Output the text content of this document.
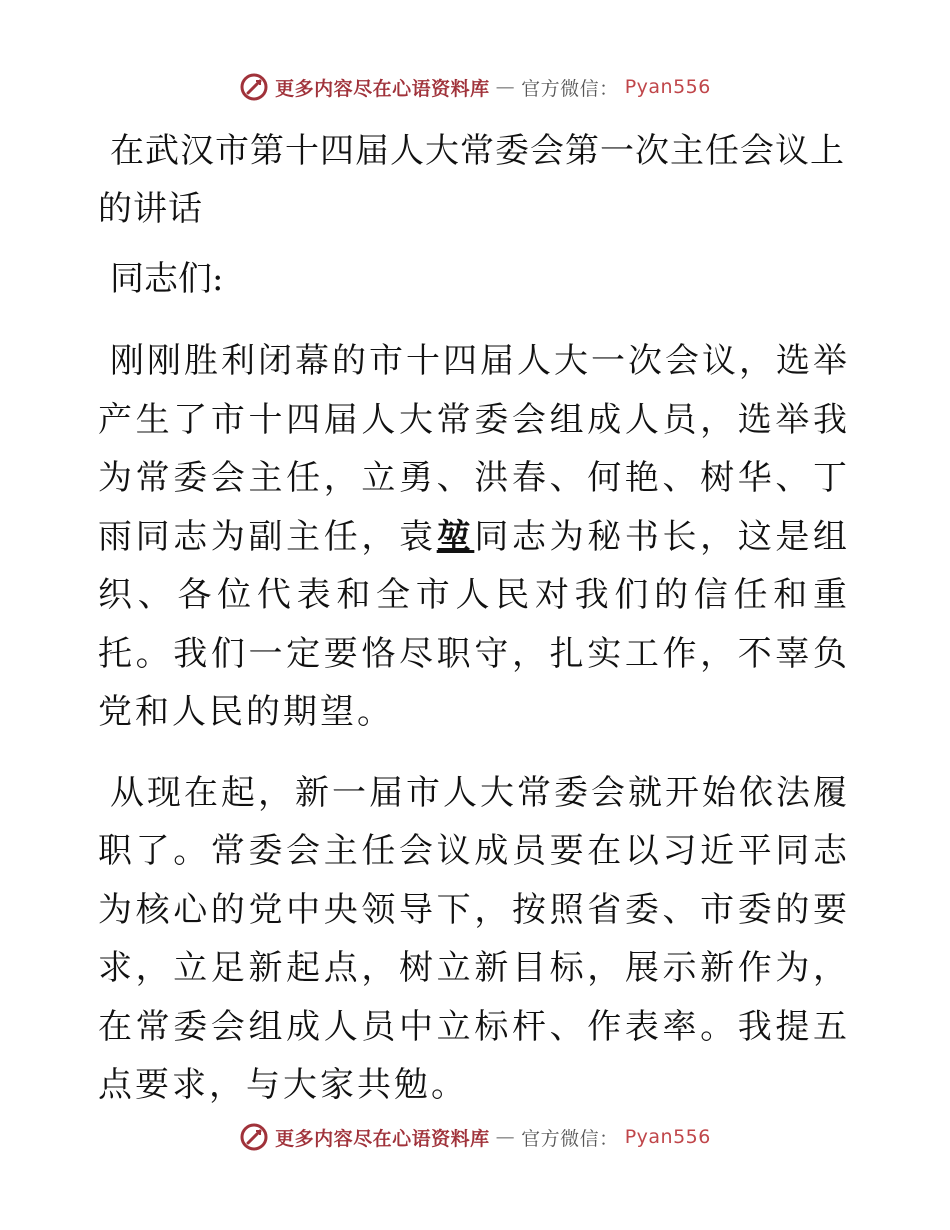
更多内容尽在心语资料库 — 官方微信： Pyan556
在武汉市第十四届人大常委会第一次主任会议上的讲话

同志们:

刚刚胜利闭幕的市十四届人大一次会议，选举产生了市十四届人大常委会组成人员，选举我为常委会主任，立勇、洪春、何艳、树华、丁雨同志为副主任，袁堃同志为秘书长，这是组织、各位代表和全市人民对我们的信任和重托。我们一定要恪尽职守，扎实工作，不辜负党和人民的期望。

从现在起，新一届市人大常委会就开始依法履职了。常委会主任会议成员要在以习近平同志为核心的党中央领导下，按照省委、市委的要求，立足新起点，树立新目标，展示新作为，在常委会组成人员中立标杆、作表率。我提五点要求，与大家共勉。

更多内容尽在心语资料库 — 官方微信： Pyan556
